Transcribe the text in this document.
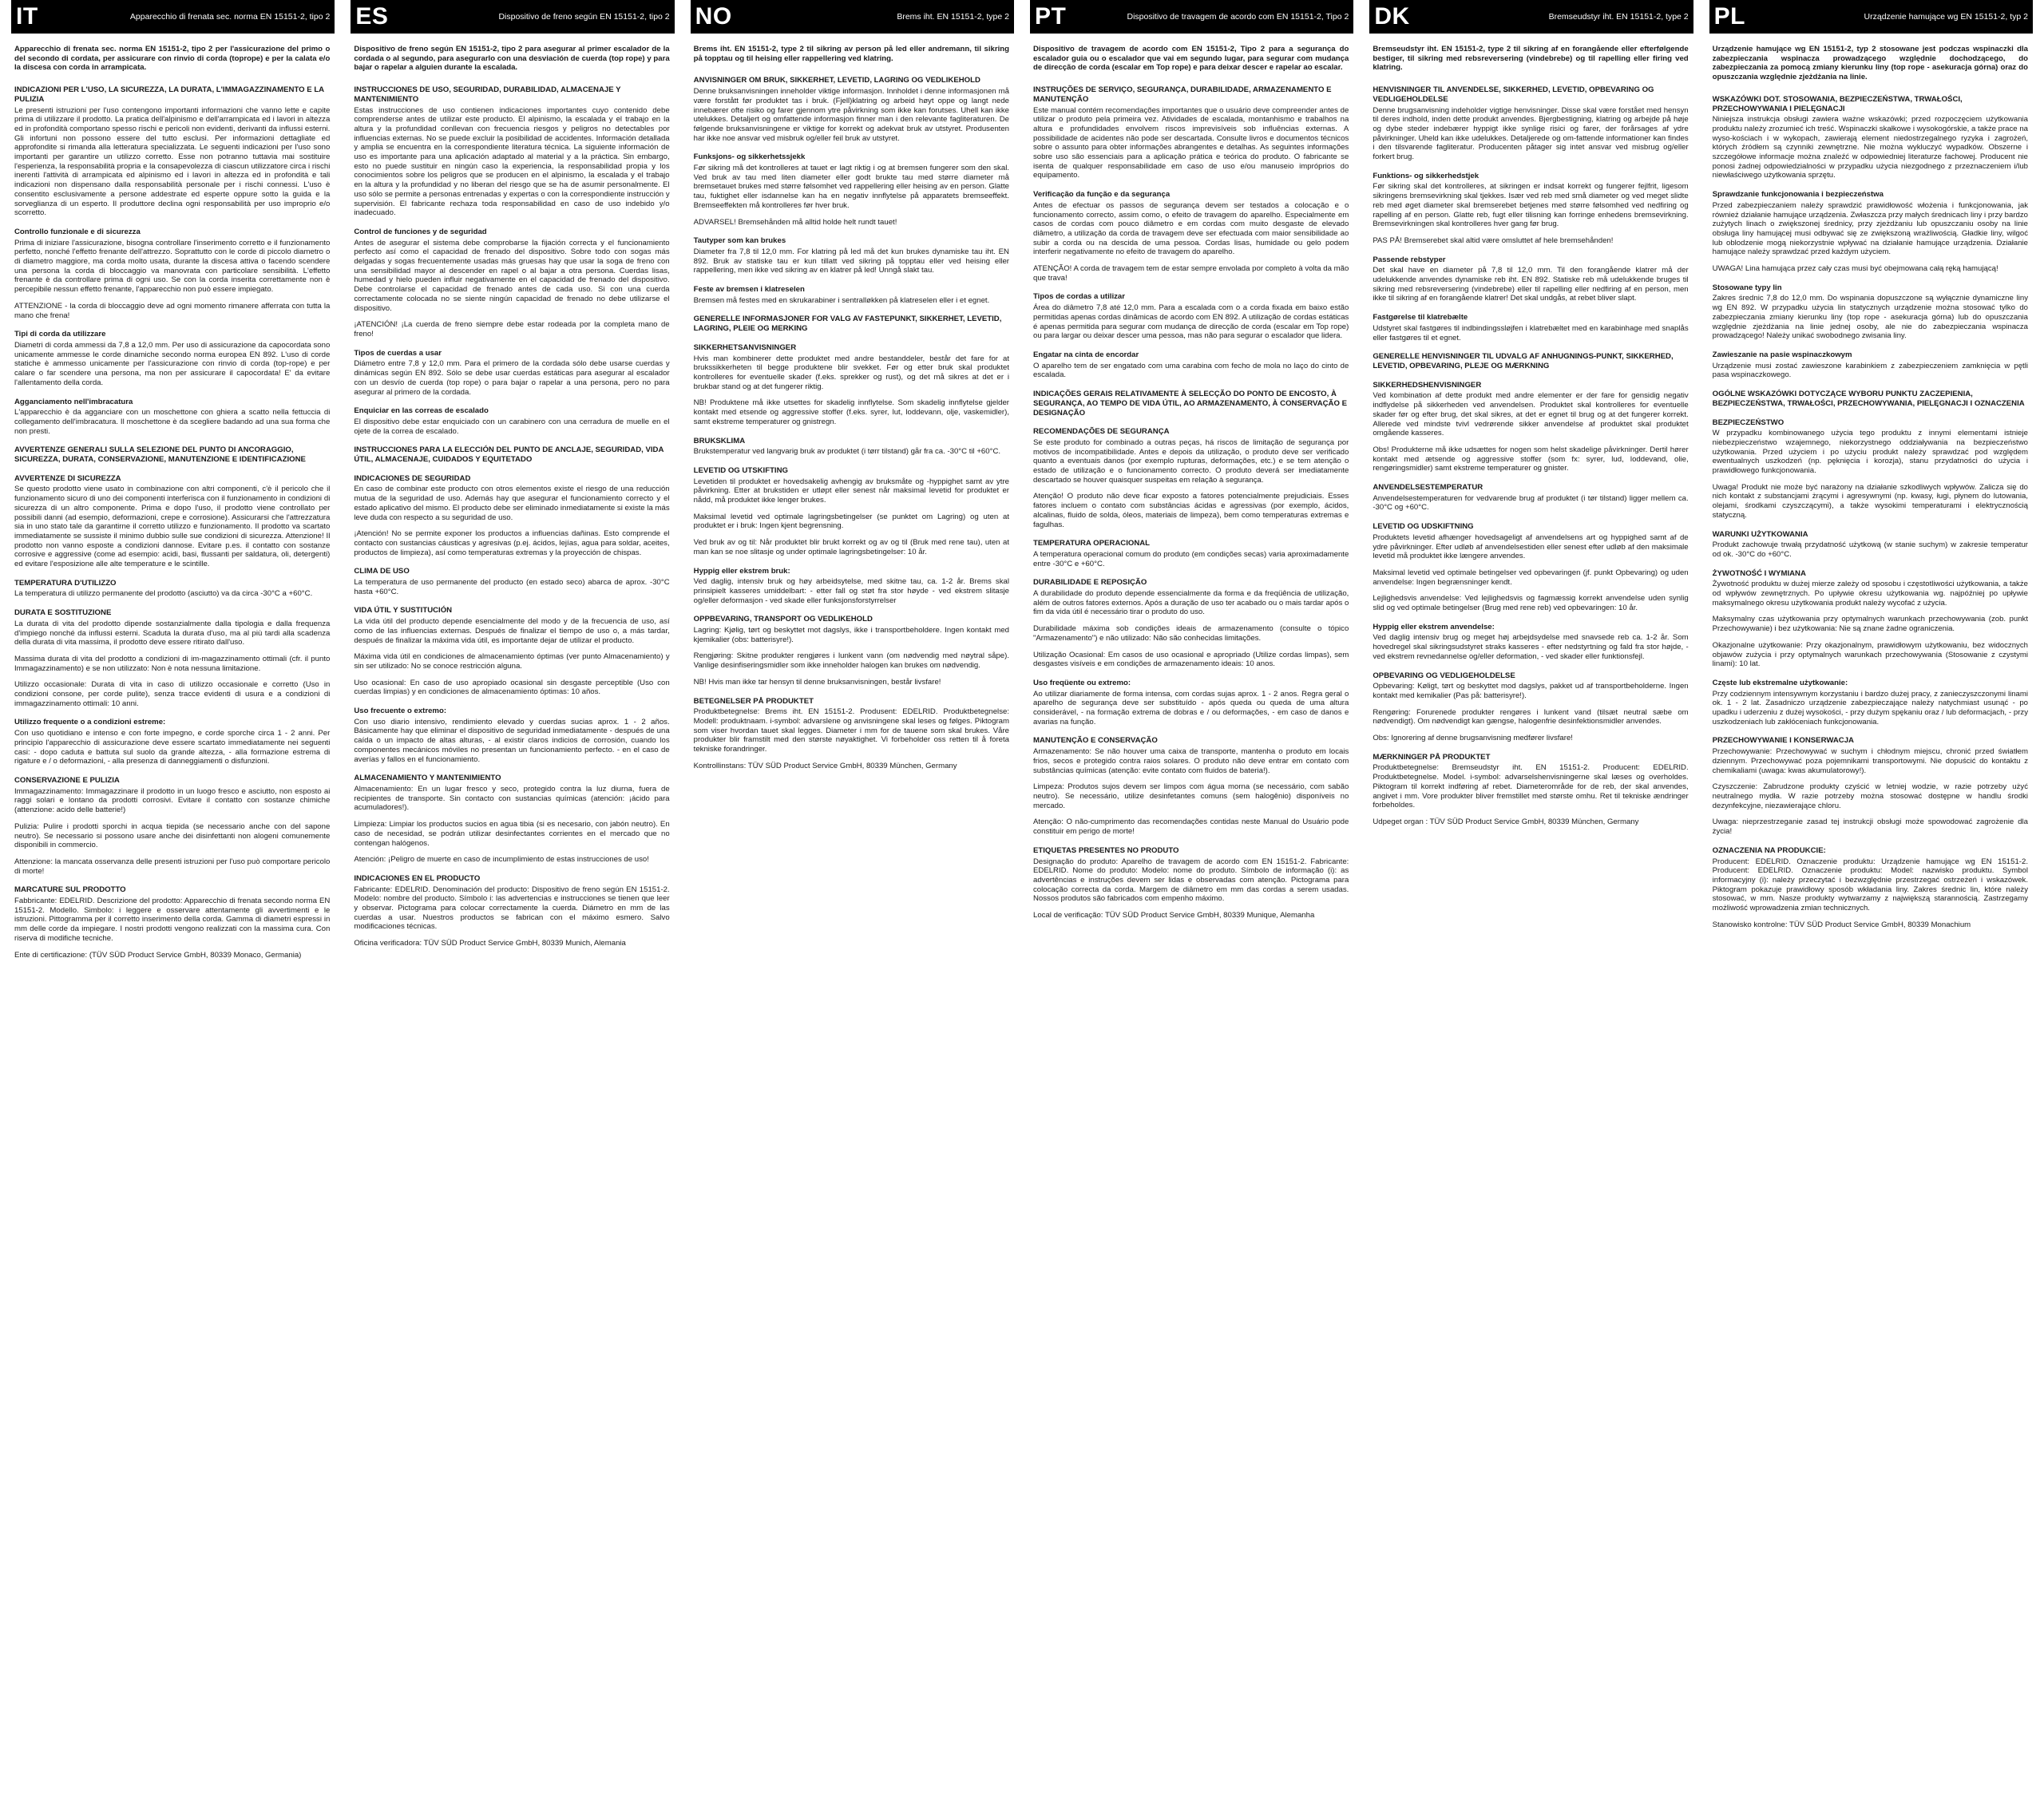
IT	Apparecchio di frenata sec. norma EN 15151-2, tipo 2

Apparecchio di frenata sec. norma EN 15151-2, tipo 2 per l'assicurazione del primo o del secondo di cordata, per assicurare con rinvio di corda (toprope) e per la calata e/o la discesa con corda in arrampicata.

INDICAZIONI PER L'USO, LA SICUREZZA, LA DURATA, L'IMMAGAZZINAMENTO E LA PULIZIA

Le presenti istruzioni per l'uso contengono importanti informazioni che vanno lette e capite prima di utilizzare il prodotto. La pratica dell'alpinismo e dell'arrampicata ed i lavori in altezza ed in profondità comportano spesso rischi e pericoli non evidenti, derivanti da influssi esterni. Gli infortuni non possono essere del tutto esclusi. Per informazioni dettagliate ed approfondite si rimanda alla letteratura specializzata. Le seguenti indicazioni per l'uso sono importanti per garantire un utilizzo corretto. Esse non potranno tuttavia mai sostituire l'esperienza, la responsabilità propria e la consapevolezza di ciascun utilizzatore circa i rischi inerenti l'attività di arrampicata ed alpinismo ed i lavori in altezza ed in profondità e tali indicazioni non dispensano dalla responsabilità personale per i rischi connessi. L'uso è consentito esclusivamente a persone addestrate ed esperte oppure sotto la guida e la sorveglianza di un esperto. Il produttore declina ogni responsabilità per uso improprio e/o scorretto.

Controllo funzionale e di sicurezza

Prima di iniziare l'assicurazione, bisogna controllare l'inserimento corretto e il funzionamento perfetto, nonché l'effetto frenante dell'attrezzo. Soprattutto con le corde di piccolo diametro o di diametro maggiore, ma corda molto usata, durante la discesa attiva o facendo scendere una persona la corda di bloccaggio va manovrata con particolare sensibilità. L'effetto frenante è da controllare prima di ogni uso. Se con la corda inserita correttamente non è percepibile nessun effetto frenante, l'apparecchio non può essere impiegato.

ATTENZIONE - la corda di bloccaggio deve ad ogni momento rimanere afferrata con tutta la mano che frena!

Tipi di corda da utilizzare

Diametri di corda ammessi da 7,8 a 12,0 mm. Per uso di assicurazione da capocordata sono unicamente ammesse le corde dinamiche secondo norma europea EN 892. L'uso di corde statiche è ammesso unicamente per l'assicurazione con rinvio di corda (top-rope) e per calare o far scendere una persona, ma non per assicurare il capocordata! E' da evitare l'allentamento della corda.

Agganciamento nell'imbracatura

L'apparecchio è da agganciare con un moschettone con ghiera a scatto nella fettuccia di collegamento dell'imbracatura. Il moschettone è da scegliere badando ad una sua forma che non presti.

AVVERTENZE GENERALI SULLA SELEZIONE DEL PUNTO DI ANCORAGGIO, SICUREZZA, DURATA, CONSERVAZIONE, MANUTENZIONE E IDENTIFICAZIONE
AVVERTENZE DI SICUREZZA

Se questo prodotto viene usato in combinazione con altri componenti, c'è il pericolo che il funzionamento sicuro di uno dei componenti interferisca con il funzionamento in condizioni di sicurezza di un altro componente. Prima e dopo l'uso, il prodotto viene controllato per possibili danni (ad esempio, deformazioni, crepe e corrosione). Assicurarsi che l'attrezzatura sia in uno stato tale da garantirne il corretto utilizzo e funzionamento. Il prodotto va scartato immediatamente se sussiste il minimo dubbio sulle sue condizioni di sicurezza. Attenzione! Il prodotto non vanno esposte a condizioni dannose. Evitare p.es. il contatto con sostanze corrosive e aggressive (come ad esempio: acidi, basi, flussanti per saldatura, oli, detergenti) ed evitare l'esposizione alle alte temperature e le scintille.

TEMPERATURA D'UTILIZZO

La temperatura di utilizzo permanente del prodotto (asciutto) va da circa -30°C a +60°C.

DURATA E SOSTITUZIONE

La durata di vita del prodotto dipende sostanzialmente dalla tipologia e dalla frequenza d'impiego nonché da influssi esterni. Scaduta la durata d'uso, ma al più tardi alla scadenza della durata di vita massima, il prodotto deve essere ritirato dall'uso.

Massima durata di vita del prodotto a condizioni di im-magazzinamento ottimali (cfr. il punto Immagazzinamento) e se non utilizzato: Non è nota nessuna limitazione.

Utilizzo occasionale: Durata di vita in caso di utilizzo occasionale e corretto (Uso in condizioni consone, per corde pulite), senza tracce evidenti di usura e a condizioni di immagazzinamento ottimali: 10 anni.

Utilizzo frequente o a condizioni estreme:

Con uso quotidiano e intenso e con forte impegno, e corde sporche circa 1 - 2 anni. Per principio l'apparecchio di assicurazione deve essere scartato immediatamente nei seguenti casi: - dopo caduta e battuta sul suolo da grande altezza, - alla formazione estrema di rigature e / o deformazioni, - alla presenza di danneggiamenti o disfunzioni.

CONSERVAZIONE E PULIZIA

Immagazzinamento: Immagazzinare il prodotto in un luogo fresco e asciutto, non esposto ai raggi solari e lontano da prodotti corrosivi. Evitare il contatto con sostanze chimiche (attenzione: acido delle batterie!)

Pulizia: Pulire i prodotti sporchi in acqua tiepida (se necessario anche con del sapone neutro). Se necessario si possono usare anche dei disinfettanti non alogeni comunemente disponibili in commercio.

Attenzione: la mancata osservanza delle presenti istruzioni per l'uso può comportare pericolo di morte!

MARCATURE SUL PRODOTTO

Fabbricante: EDELRID. Descrizione del prodotto: Apparecchio di frenata secondo norma EN 15151-2. Modello. Simbolo: i leggere e osservare attentamente gli avvertimenti e le istruzioni. Pittogramma per il corretto inserimento della corda. Gamma di diametri espressi in mm delle corde da impiegare. I nostri prodotti vengono realizzati con la massima cura. Con riserva di modifiche tecniche.

Ente di certificazione: (TÜV SÜD Product Service GmbH, 80339 Monaco, Germania)

ES	Dispositivo de freno según EN 15151-2, tipo 2

Dispositivo de freno según EN 15151-2, tipo 2 para asegurar al primer escalador de la cordada o al segundo, para asegurarlo con una desviación de cuerda (top rope) y para bajar o rapelar a alguien durante la escalada.

INSTRUCCIONES DE USO, SEGURIDAD, DURABILIDAD, ALMACENAJE Y MANTENIMIENTO

Estas instrucciones de uso contienen indicaciones importantes cuyo contenido debe comprenderse antes de utilizar este producto. El alpinismo, la escalada y el trabajo en la altura y la profundidad conllevan con frecuencia riesgos y peligros no detectables por influencias externas. No se puede excluir la posibilidad de accidentes. Información detallada y amplia se encuentra en la correspondiente literatura técnica. La siguiente información de uso es importante para una aplicación adaptado al material y a la práctica. Sin embargo, esto no puede sustituir en ningún caso la experiencia, la responsabilidad propia y los conocimientos sobre los peligros que se producen en el alpinismo, la escalada y el trabajo en la altura y la profundidad y no liberan del riesgo que se ha de asumir personalmente. El uso sólo se permite a personas entrenadas y expertas o con la correspondiente instrucción y supervisión. El fabricante rechaza toda responsabilidad en caso de uso indebido y/o inadecuado.

Control de funciones y de seguridad

Antes de asegurar el sistema debe comprobarse la fijación correcta y el funcionamiento perfecto así como el capacidad de frenado del dispositivo. Sobre todo con sogas más delgadas y sogas frecuentemente usadas más gruesas hay que usar la soga de freno con una sensibilidad mayor al descender en rapel o al bajar a otra persona. Cuerdas lisas, humedad y hielo pueden influir negativamente en el capacidad de frenado del dispositivo. Debe controlarse el capacidad de frenado antes de cada uso. Si con una cuerda correctamente colocada no se siente ningún capacidad de frenado no debe utilizarse el dispositivo.

¡ATENCIÓN! ¡La cuerda de freno siempre debe estar rodeada por la completa mano de freno!

Tipos de cuerdas a usar

Diámetro entre 7,8 y 12,0 mm. Para el primero de la cordada sólo debe usarse cuerdas y dinámicas según EN 892. Sólo se debe usar cuerdas estáticas para asegurar al escalador con un desvío de cuerda (top rope) o para bajar o rapelar a una persona, pero no para asegurar al primero de la cordada.

Enquiciar en las correas de escalado

El dispositivo debe estar enquiciado con un carabinero con una cerradura de muelle en el ojete de la correa de escalado.

INSTRUCCIONES PARA LA ELECCIÓN DEL PUNTO DE ANCLAJE, SEGURIDAD, VIDA ÚTIL, ALMACENAJE, CUIDADOS Y EQUITETADO
INDICACIONES DE SEGURIDAD

En caso de combinar este producto con otros elementos existe el riesgo de una reducción mutua de la seguridad de uso. Además hay que asegurar el funcionamiento correcto y el estado aplicativo del mismo. El producto debe ser eliminado inmediatamente si existe la más leve duda con respecto a su seguridad de uso.

¡Atención! No se permite exponer los productos a influencias dañinas. Esto comprende el contacto con sustancias cáusticas y agresivas (p.ej. ácidos, lejías, agua para soldar, aceites, productos de limpieza), así como temperaturas extremas y la proyección de chispas.

CLIMA DE USO

La temperatura de uso permanente del producto (en estado seco) abarca de aprox. -30°C hasta +60°C.

VIDA ÚTIL Y SUSTITUCIÓN

La vida útil del producto depende esencialmente del modo y de la frecuencia de uso, así como de las influencias externas. Después de finalizar el tiempo de uso o, a más tardar, después de finalizar la máxima vida útil, es importante dejar de utilizar el producto.

Máxima vida útil en condiciones de almacenamiento óptimas (ver punto Almacenamiento) y sin ser utilizado: No se conoce restricción alguna.

Uso ocasional: En caso de uso apropiado ocasional sin desgaste perceptible (Uso con cuerdas limpias) y en condiciones de almacenamiento óptimas: 10 años.

Uso frecuente o extremo:

Con uso diario intensivo, rendimiento elevado y cuerdas sucias aprox. 1 - 2 años. Básicamente hay que eliminar el dispositivo de seguridad inmediatamente - después de una caída o un impacto de altas alturas, - al existir claros indicios de corrosión, cuando los componentes mecánicos móviles no presentan un funcionamiento perfecto. - en el caso de averías y fallos en el funcionamiento.

ALMACENAMIENTO Y MANTENIMIENTO

Almacenamiento: En un lugar fresco y seco, protegido contra la luz diurna, fuera de recipientes de transporte. Sin contacto con sustancias químicas (atención: ¡ácido para acumuladores!).

Limpieza: Limpiar los productos sucios en agua tibia (si es necesario, con jabón neutro). En caso de necesidad, se podrán utilizar desinfectantes corrientes en el mercado que no contengan halógenos.

Atención: ¡Peligro de muerte en caso de incumplimiento de estas instrucciones de uso!

INDICACIONES EN EL PRODUCTO

Fabricante: EDELRID. Denominación del producto: Dispositivo de freno según EN 15151-2. Modelo: nombre del producto. Símbolo i: las advertencias e instrucciones se tienen que leer y observar. Pictograma para colocar correctamente la cuerda. Diámetro en mm de las cuerdas a usar. Nuestros productos se fabrican con el máximo esmero. Salvo modificaciones técnicas.

Oficina verificadora: TÜV SÜD Product Service GmbH, 80339 Munich, Alemania

NO	Brems iht. EN 15151-2, type 2

Brems iht. EN 15151-2, type 2 til sikring av person på led eller andremann, til sikring på topptau og til heising eller rappellering ved klatring.

ANVISNINGER OM BRUK, SIKKERHET, LEVETID, LAGRING OG VEDLIKEHOLD

Denne bruksanvisningen inneholder viktige informasjon. Innholdet i denne informasjonen må være forstått før produktet tas i bruk. (Fjell)klatring og arbeid høyt oppe og langt nede innebærer ofte risiko og farer gjennom ytre påvirkning som ikke kan forutses. Uhell kan ikke utelukkes. Detaljert og omfattende informasjon finner man i den relevante fagliteraturen. De følgende bruksanvisningene er viktige for korrekt og adekvat bruk av utstyret. Produsenten har ikke noe ansvar ved misbruk og/eller feil bruk av utstyret.

Funksjons- og sikkerhetssjekk

Før sikring må det kontrolleres at tauet er lagt riktig i og at bremsen fungerer som den skal. Ved bruk av tau med liten diameter eller godt brukte tau med større diameter må bremsetauet brukes med større følsomhet ved rappellering eller heising av en person. Glatte tau, fuktighet eller isdannelse kan ha en negativ innflytelse på apparatets bremseeffekt. Bremseeffekten må kontrolleres før hver bruk.

ADVARSEL! Bremsehånden må alltid holde helt rundt tauet!

Tautyper som kan brukes

Diameter fra 7,8 til 12,0 mm. For klatring på led må det kun brukes dynamiske tau iht. EN 892. Bruk av statiske tau er kun tillatt ved sikring på topptau eller ved heising eller rappellering, men ikke ved sikring av en klatrer på led! Unngå slakt tau.

Feste av bremsen i klatreselen

Bremsen må festes med en skrukarabiner i sentralløkken på klatreselen eller i et egnet.

GENERELLE INFORMASJONER FOR VALG AV FASTEPUNKT, SIKKERHET, LEVETID, LAGRING, PLEIE OG MERKING
SIKKERHETSANVISNINGER

Hvis man kombinerer dette produktet med andre bestanddeler, består det fare for at brukssikkerheten til begge produktene blir svekket. Før og etter bruk skal produktet kontrolleres for eventuelle skader (f.eks. sprekker og rust), og det må sikres at det er i brukbar stand og at det fungerer riktig.

NB! Produktene må ikke utsettes for skadelig innflytelse. Som skadelig innflytelse gjelder kontakt med etsende og aggressive stoffer (f.eks. syrer, lut, loddevann, olje, vaskemidler), samt ekstreme temperaturer og gnistregn.

BRUKSKLIMA

Brukstemperatur ved langvarig bruk av produktet (i tørr tilstand) går fra ca. -30°C til +60°C.

LEVETID OG UTSKIFTING

Levetiden til produktet er hovedsakelig avhengig av bruksmåte og -hyppighet samt av ytre påvirkning. Etter at brukstiden er utløpt eller senest når maksimal levetid for produktet er nådd, må produktet ikke lenger brukes.

Maksimal levetid ved optimale lagringsbetingelser (se punktet om Lagring) og uten at produktet er i bruk: Ingen kjent begrensning.

Ved bruk av og til: Når produktet blir brukt korrekt og av og til (Bruk med rene tau), uten at man kan se noe slitasje og under optimale lagringsbetingelser: 10 år.

Hyppig eller ekstrem bruk:

Ved daglig, intensiv bruk og høy arbeidsytelse, med skitne tau, ca. 1-2 år. Brems skal prinsipielt kasseres umiddelbart: - etter fall og støt fra stor høyde - ved ekstrem slitasje og/eller deformasjon - ved skade eller funksjonsforstyrrelser

OPPBEVARING, TRANSPORT OG VEDLIKEHOLD

Lagring: Kjølig, tørt og beskyttet mot dagslys, ikke i transportbeholdere. Ingen kontakt med kjemikalier (obs: batterisyre!).

Rengjøring: Skitne produkter rengjøres i lunkent vann (om nødvendig med nøytral såpe). Vanlige desinfiseringsmidler som ikke inneholder halogen kan brukes om nødvendig.

NB! Hvis man ikke tar hensyn til denne bruksanvisningen, består livsfare!

BETEGNELSER PÅ PRODUKTET

Produktbetegnelse: Brems iht. EN 15151-2. Produsent: EDELRID. Produktbetegnelse: Modell: produktnaam. i-symbol: advarslene og anvisningene skal leses og følges. Piktogram som viser hvordan tauet skal legges. Diameter i mm for de tauene som skal brukes. Våre produkter blir framstilt med den største nøyaktighet. Vi forbeholder oss retten til å foreta tekniske forandringer.

Kontrollinstans: TÜV SÜD Product Service GmbH, 80339 München, Germany

PT	Dispositivo de travagem de acordo com EN 15151-2, Tipo 2

Dispositivo de travagem de acordo com EN 15151-2, Tipo 2 para a segurança do escalador guia ou o escalador que vai em segundo lugar, para segurar com mudança de direcção de corda (escalar em Top rope) e para deixar descer e rapelar ao escalar.

INSTRUÇÕES DE SERVIÇO, SEGURANÇA, DURABILIDADE, ARMAZENAMENTO E MANUTENÇÃO

Este manual contém recomendações importantes que o usuário deve compreender antes de utilizar o produto pela primeira vez. Atividades de escalada, montanhismo e trabalhos na altura e profundidades envolvem riscos imprevisíveis sob influências externas. A possibilidade de acidentes não pode ser descartada. Consulte livros e documentos técnicos sobre o assunto para obter informações abrangentes e detalhas. As seguintes informações sobre uso são essenciais para a aplicação prática e teórica do produto. O fabricante se isenta de qualquer responsabilidade em caso de uso e/ou manuseio impróprios do equipamento.

Verificação da função e da segurança

Antes de efectuar os passos de segurança devem ser testados a colocação e o funcionamento correcto, assim como, o efeito de travagem do aparelho. Especialmente em casos de cordas com pouco diâmetro e em cordas com muito desgaste de elevado diâmetro, a utilização da corda de travagem deve ser efectuada com maior sensibilidade ao subir a corda ou na descida de uma pessoa. Cordas lisas, humidade ou gelo podem interferir negativamente no efeito de travagem do aparelho.

ATENÇÃO! A corda de travagem tem de estar sempre envolada por completo à volta da mão que trava!

Tipos de cordas a utilizar

Área do diâmetro 7,8 até 12,0 mm. Para a escalada com o a corda fixada em baixo estão permitidas apenas cordas dinâmicas de acordo com EN 892. A utilização de cordas estáticas é apenas permitida para segurar com mudança de direcção de corda (escalar em Top rope) ou para largar ou deixar descer uma pessoa, mas não para segurar o escalador que lidera.

Engatar na cinta de encordar

O aparelho tem de ser engatado com uma carabina com fecho de mola no laço do cinto de escalada.

INDICAÇÕES GERAIS RELATIVAMENTE À SELECÇÃO DO PONTO DE ENCOSTO, À SEGURANÇA, AO TEMPO DE VIDA ÚTIL, AO ARMAZENAMENTO, À CONSERVAÇÃO E DESIGNAÇÃO
RECOMENDAÇÕES DE SEGURANÇA

Se este produto for combinado a outras peças, há riscos de limitação de segurança por motivos de incompatibilidade. Antes e depois da utilização, o produto deve ser verificado quanto a eventuais danos (por exemplo rupturas, deformações, etc.) e se tem atenção o estado de utilização e o funcionamento correcto. O produto deverá ser imediatamente descartado se houver quaisquer suspeitas em relação à segurança.

Atenção! O produto não deve ficar exposto a fatores potencialmente prejudiciais. Esses fatores incluem o contato com substâncias ácidas e agressivas (por exemplo, ácidos, alcalinas, fluido de solda, óleos, materiais de limpeza), bem como temperaturas extremas e fagulhas.

TEMPERATURA OPERACIONAL

A temperatura operacional comum do produto (em condições secas) varia aproximadamente entre -30°C e +60°C.

DURABILIDADE E REPOSIÇÃO

A durabilidade do produto depende essencialmente da forma e da freqüência de utilização, além de outros fatores externos. Após a duração de uso ter acabado ou o mais tardar após o fim da vida útil é necessário tirar o produto do uso.

Durabilidade máxima sob condições ideais de armazenamento (consulte o tópico "Armazenamento") e não utilizado: Não são conhecidas limitações.

Utilização Ocasional: Em casos de uso ocasional e apropriado (Utilize cordas limpas), sem desgastes visíveis e em condições de armazenamento ideais: 10 anos.

Uso freqüente ou extremo:

Ao utilizar diariamente de forma intensa, com cordas sujas aprox. 1 - 2 anos. Regra geral o aparelho de segurança deve ser substituído - após queda ou queda de uma altura considerável, - na formação extrema de dobras e / ou deformações, - em caso de danos e avarias na função.

MANUTENÇÃO E CONSERVAÇÃO

Armazenamento: Se não houver uma caixa de transporte, mantenha o produto em locais frios, secos e protegido contra raios solares. O produto não deve entrar em contato com substâncias químicas (atenção: evite contato com fluidos de bateria!).

Limpeza: Produtos sujos devem ser limpos com água morna (se necessário, com sabão neutro). Se necessário, utilize desinfetantes comuns (sem halogênio) disponíveis no mercado.

Atenção: O não-cumprimento das recomendações contidas neste Manual do Usuário pode constituir em perigo de morte!

ETIQUETAS PRESENTES NO PRODUTO

Designação do produto: Aparelho de travagem de acordo com EN 15151-2. Fabricante: EDELRID. Nome do produto: Modelo: nome do produto. Símbolo de informação (i): as advertências e instruções devem ser lidas e observadas com atenção. Pictograma para colocação correcta da corda. Margem de diâmetro em mm das cordas a serem usadas. Nossos produtos são fabricados com empenho máximo.

Local de verificação: TÜV SÜD Product Service GmbH, 80339 Munique, Alemanha

DK	Bremseudstyr iht. EN 15151-2, type 2

Bremseudstyr iht. EN 15151-2, type 2 til sikring af en forangående eller efterfølgende bestiger, til sikring med rebsreversering (vindebrebe) og til rapelling eller firing ved klatring.

HENVISNINGER TIL ANVENDELSE, SIKKERHED, LEVETID, OPBEVARING OG VEDLIGEHOLDELSE

Denne brugsanvisning indeholder vigtige henvisninger. Disse skal være forstået med hensyn til deres indhold, inden dette produkt anvendes. Bjergbestigning, klatring og arbejde på høje og dybe steder indebærer hyppigt ikke synlige risici og farer, der forårsages af ydre påvirkninger. Uheld kan ikke udelukkes. Detaljerede og om-fattende informationer kan findes i den tilsvarende fagliteratur. Producenten påtager sig intet ansvar ved misbrug og/eller forkert brug.

Funktions- og sikkerhedstjek

Før sikring skal det kontrolleres, at sikringen er indsat korrekt og fungerer fejlfrit, ligesom sikringens bremsevirkning skal tjekkes. Især ved reb med små diameter og ved meget slidte reb med øget diameter skal bremserebet betjenes med større følsomhed ved nedfiring og rapelling af en person. Glatte reb, fugt eller tilisning kan forringe enhedens bremsevirkning. Bremsevirkningen skal kontrolleres hver gang før brug.

PAS PÅ! Bremserebet skal altid være omsluttet af hele bremsehånden!

Passende rebstyper

Det skal have en diameter på 7,8 til 12,0 mm. Til den forangående klatrer må der udelukkende anvendes dynamiske reb iht. EN 892. Statiske reb må udelukkende bruges til sikring med rebsreversering (vindebrebe) eller til rapelling eller nedfiring af en person, men ikke til sikring af en forangående klatrer! Det skal undgås, at rebet bliver slapt.

Fastgørelse til klatrebælte

Udstyret skal fastgøres til indbindingssløjfen i klatrebæltet med en karabinhage med snaplås eller fastgøres til et egnet.

GENERELLE HENVISNINGER TIL UDVALG AF ANHUGNINGS-PUNKT, SIKKERHED, LEVETID, OPBEVARING, PLEJE OG MÆRKNING
SIKKERHEDSHENVISNINGER

Ved kombination af dette produkt med andre elementer er der fare for gensidig negativ indflydelse på sikkerheden ved anvendelsen. Produktet skal kontrolleres for eventuelle skader før og efter brug, det skal sikres, at det er egnet til brug og at det fungerer korrekt. Allerede ved mindste tvivl vedrørende sikker anvendelse af produktet skal produktet omgående kasseres.

Obs! Produkterne må ikke udsættes for nogen som helst skadelige påvirkninger. Dertil hører kontakt med ætsende og aggressive stoffer (som fx: syrer, lud, loddevand, olie, rengøringsmidler) samt ekstreme temperaturer og gnister.

ANVENDELSESTEMPERATUR

Anvendelsestemperaturen for vedvarende brug af produktet (i tør tilstand) ligger mellem ca. -30°C og +60°C.

LEVETID OG UDSKIFTNING

Produktets levetid afhænger hovedsageligt af anvendelsens art og hyppighed samt af de ydre påvirkninger. Efter udløb af anvendelsestiden eller senest efter udløb af den maksimale levetid må produktet ikke længere anvendes.

Maksimal levetid ved optimale betingelser ved opbevaringen (jf. punkt Opbevaring) og uden anvendelse: Ingen begrænsninger kendt.

Lejlighedsvis anvendelse: Ved lejlighedsvis og fagmæssig korrekt anvendelse uden synlig slid og ved optimale betingelser (Brug med rene reb) ved opbevaringen: 10 år.

Hyppig eller ekstrem anvendelse:

Ved daglig intensiv brug og meget høj arbejdsydelse med snavsede reb ca. 1-2 år. Som hovedregel skal sikringsudstyret straks kasseres - efter nedstyrtning og fald fra stor højde, - ved ekstrem revnedannelse og/eller deformation, - ved skader eller funktionsfejl.

OPBEVARING OG VEDLIGEHOLDELSE

Opbevaring: Køligt, tørt og beskyttet mod dagslys, pakket ud af transportbeholderne. Ingen kontakt med kemikalier (Pas på: batterisyre!).

Rengøring: Forurenede produkter rengøres i lunkent vand (tilsæt neutral sæbe om nødvendigt). Om nødvendigt kan gængse, halogenfrie desinfektionsmidler anvendes.

Obs: Ignorering af denne brugsanvisning medfører livsfare!

MÆRKNINGER PÅ PRODUKTET

Produktbetegnelse: Bremseudstyr iht. EN 15151-2. Producent: EDELRID. Produktbetegnelse. Model. i-symbol: advarselshenvisningerne skal læses og overholdes. Piktogram til korrekt indføring af rebet. Diameterområde for de reb, der skal anvendes, angivet i mm. Vore produkter bliver fremstillet med største omhu. Ret til tekniske ændringer forbeholdes.

Udpeget organ : TÜV SÜD Product Service GmbH, 80339 München, Germany

PL	Urządzenie hamujące wg EN 15151-2, typ 2

Urządzenie hamujące wg EN 15151-2, typ 2 stosowane jest podczas wspinaczki dla zabezpieczania wspinacza prowadzącego względnie dochodzącego, do zabezpieczania za pomocą zmiany kierunku liny (top rope - asekuracja górna) oraz do opuszczania względnie zjeżdżania na linie.

WSKAZÓWKI DOT. STOSOWANIA, BEZPIECZEŃSTWA, TRWAŁOŚCI, PRZECHOWYWANIA I PIELĘGNACJI

Niniejsza instrukcja obsługi zawiera ważne wskazówki; przed rozpoczęciem użytkowania produktu należy zrozumieć ich treść. Wspinaczki skałkowe i wysokogórskie, a także prace na wyso-kościach i w wykopach, zawierają element niedostrzegalnego ryzyka i zagrożeń, których źródłem są czynniki zewnętrzne. Nie można wykluczyć wypadków. Obszerne i szczegółowe informacje można znaleźć w odpowiedniej literaturze fachowej. Producent nie ponosi żadnej odpowiedzialności w przypadku użycia niezgodnego z przeznaczeniem i/lub niewłaściwego użytkowania sprzętu.

Sprawdzanie funkcjonowania i bezpieczeństwa

Przed zabezpieczaniem należy sprawdzić prawidłowość włożenia i funkcjonowania, jak również działanie hamujące urządzenia. Zwłaszcza przy małych średnicach liny i przy bardzo zużytych linach o zwiększonej średnicy, przy zjeżdżaniu lub opuszczaniu osoby na linie obsługa liny hamującej musi odbywać się ze zwiększoną wrażliwością. Gładkie liny, wilgoć lub oblodzenie mogą niekorzystnie wpływać na działanie hamujące urządzenia. Działanie hamujące należy sprawdzać przed każdym użyciem.

UWAGA! Lina hamująca przez cały czas musi być obejmowana całą ręką hamującą!

Stosowane typy lin

Zakres średnic 7,8 do 12,0 mm. Do wspinania dopuszczone są wyłącznie dynamiczne liny wg EN 892. W przypadku użycia lin statycznych urządzenie można stosować tylko do zabezpieczania zmiany kierunku liny (top rope - asekuracja górna) lub do opuszczania względnie zjeżdżania na linie jednej osoby, ale nie do zabezpieczania wspinacza prowadzącego! Należy unikać swobodnego zwisania liny.

Zawieszanie na pasie wspinaczkowym

Urządzenie musi zostać zawieszone karabinkiem z zabezpieczeniem zamknięcia w pętli pasa wspinaczkowego.

OGÓLNE WSKAZÓWKI DOTYCZĄCE WYBORU PUNKTU ZACZEPIENIA, BEZPIECZEŃSTWA, TRWAŁOŚCI, PRZECHOWYWANIA, PIELĘGNACJI I OZNACZENIA
BEZPIECZEŃSTWO

W przypadku kombinowanego użycia tego produktu z innymi elementami istnieje niebezpieczeństwo wzajemnego, niekorzystnego oddziaływania na bezpieczeństwo użytkowania. Przed użyciem i po użyciu produkt należy sprawdzać pod względem ewentualnych uszkodzeń (np. pęknięcia i korozja), stanu przydatności do użycia i prawidłowego funkcjonowania.

Uwaga! Produkt nie może być narażony na działanie szkodliwych wpływów. Zalicza się do nich kontakt z substancjami żrącymi i agresywnymi (np. kwasy, ługi, płynem do lutowania, olejami, środkami czyszczącymi), a także wysokimi temperaturami i elektrycznością statyczną.

WARUNKI UŻYTKOWANIA

Produkt zachowuje trwałą przydatność użytkową (w stanie suchym) w zakresie temperatur od ok. -30°C do +60°C.

ŻYWOTNOŚĆ I WYMIANA

Żywotność produktu w dużej mierze zależy od sposobu i częstotliwości użytkowania, a także od wpływów zewnętrznych. Po upływie okresu użytkowania wg. najpóźniej po upływie maksymalnego okresu użytkowania produkt należy wycofać z użycia.

Maksymalny czas użytkowania przy optymalnych warunkach przechowywania (zob. punkt Przechowywanie) i bez użytkowania: Nie są znane żadne ograniczenia.

Okazjonalne użytkowanie: Przy okazjonalnym, prawidłowym użytkowaniu, bez widocznych objawów zużycia i przy optymalnych warunkach przechowywania (Stosowanie z czystymi linami): 10 lat.

Częste lub ekstremalne użytkowanie:

Przy codziennym intensywnym korzystaniu i bardzo dużej pracy, z zanieczyszczonymi linami ok. 1 - 2 lat. Zasadniczo urządzenie zabezpieczające należy natychmiast usunąć - po upadku i uderzeniu z dużej wysokości, - przy dużym spękaniu oraz / lub deformacjach, - przy uszkodzeniach lub zakłóceniach funkcjonowania.

PRZECHOWYWANIE I KONSERWACJA

Przechowywanie: Przechowywać w suchym i chłodnym miejscu, chronić przed światłem dziennym. Przechowywać poza pojemnikami transportowymi. Nie dopuścić do kontaktu z chemikaliami (uwaga: kwas akumulatorowy!).

Czyszczenie: Zabrudzone produkty czyścić w letniej wodzie, w razie potrzeby użyć neutralnego mydła. W razie potrzeby można stosować dostępne w handlu środki dezynfekcyjne, niezawierające chloru.

Uwaga: nieprzestrzeganie zasad tej instrukcji obsługi może spowodować zagrożenie dla życia!

OZNACZENIA NA PRODUKCIE:

Producent: EDELRID. Oznaczenie produktu: Urządzenie hamujące wg EN 15151-2. Producent: EDELRID. Oznaczenie produktu: Model: nazwisko produktu. Symbol informacyjny (i): należy przeczytać i bezwzględnie przestrzegać ostrzeżeń i wskazówek. Piktogram pokazuje prawidłowy sposób wkładania liny. Zakres średnic lin, które należy stosować, w mm. Nasze produkty wytwarzamy z największą starannością. Zastrzegamy możliwość wprowadzenia zmian technicznych.

Stanowisko kontrolne: TÜV SÜD Product Service GmbH, 80339 Monachium
